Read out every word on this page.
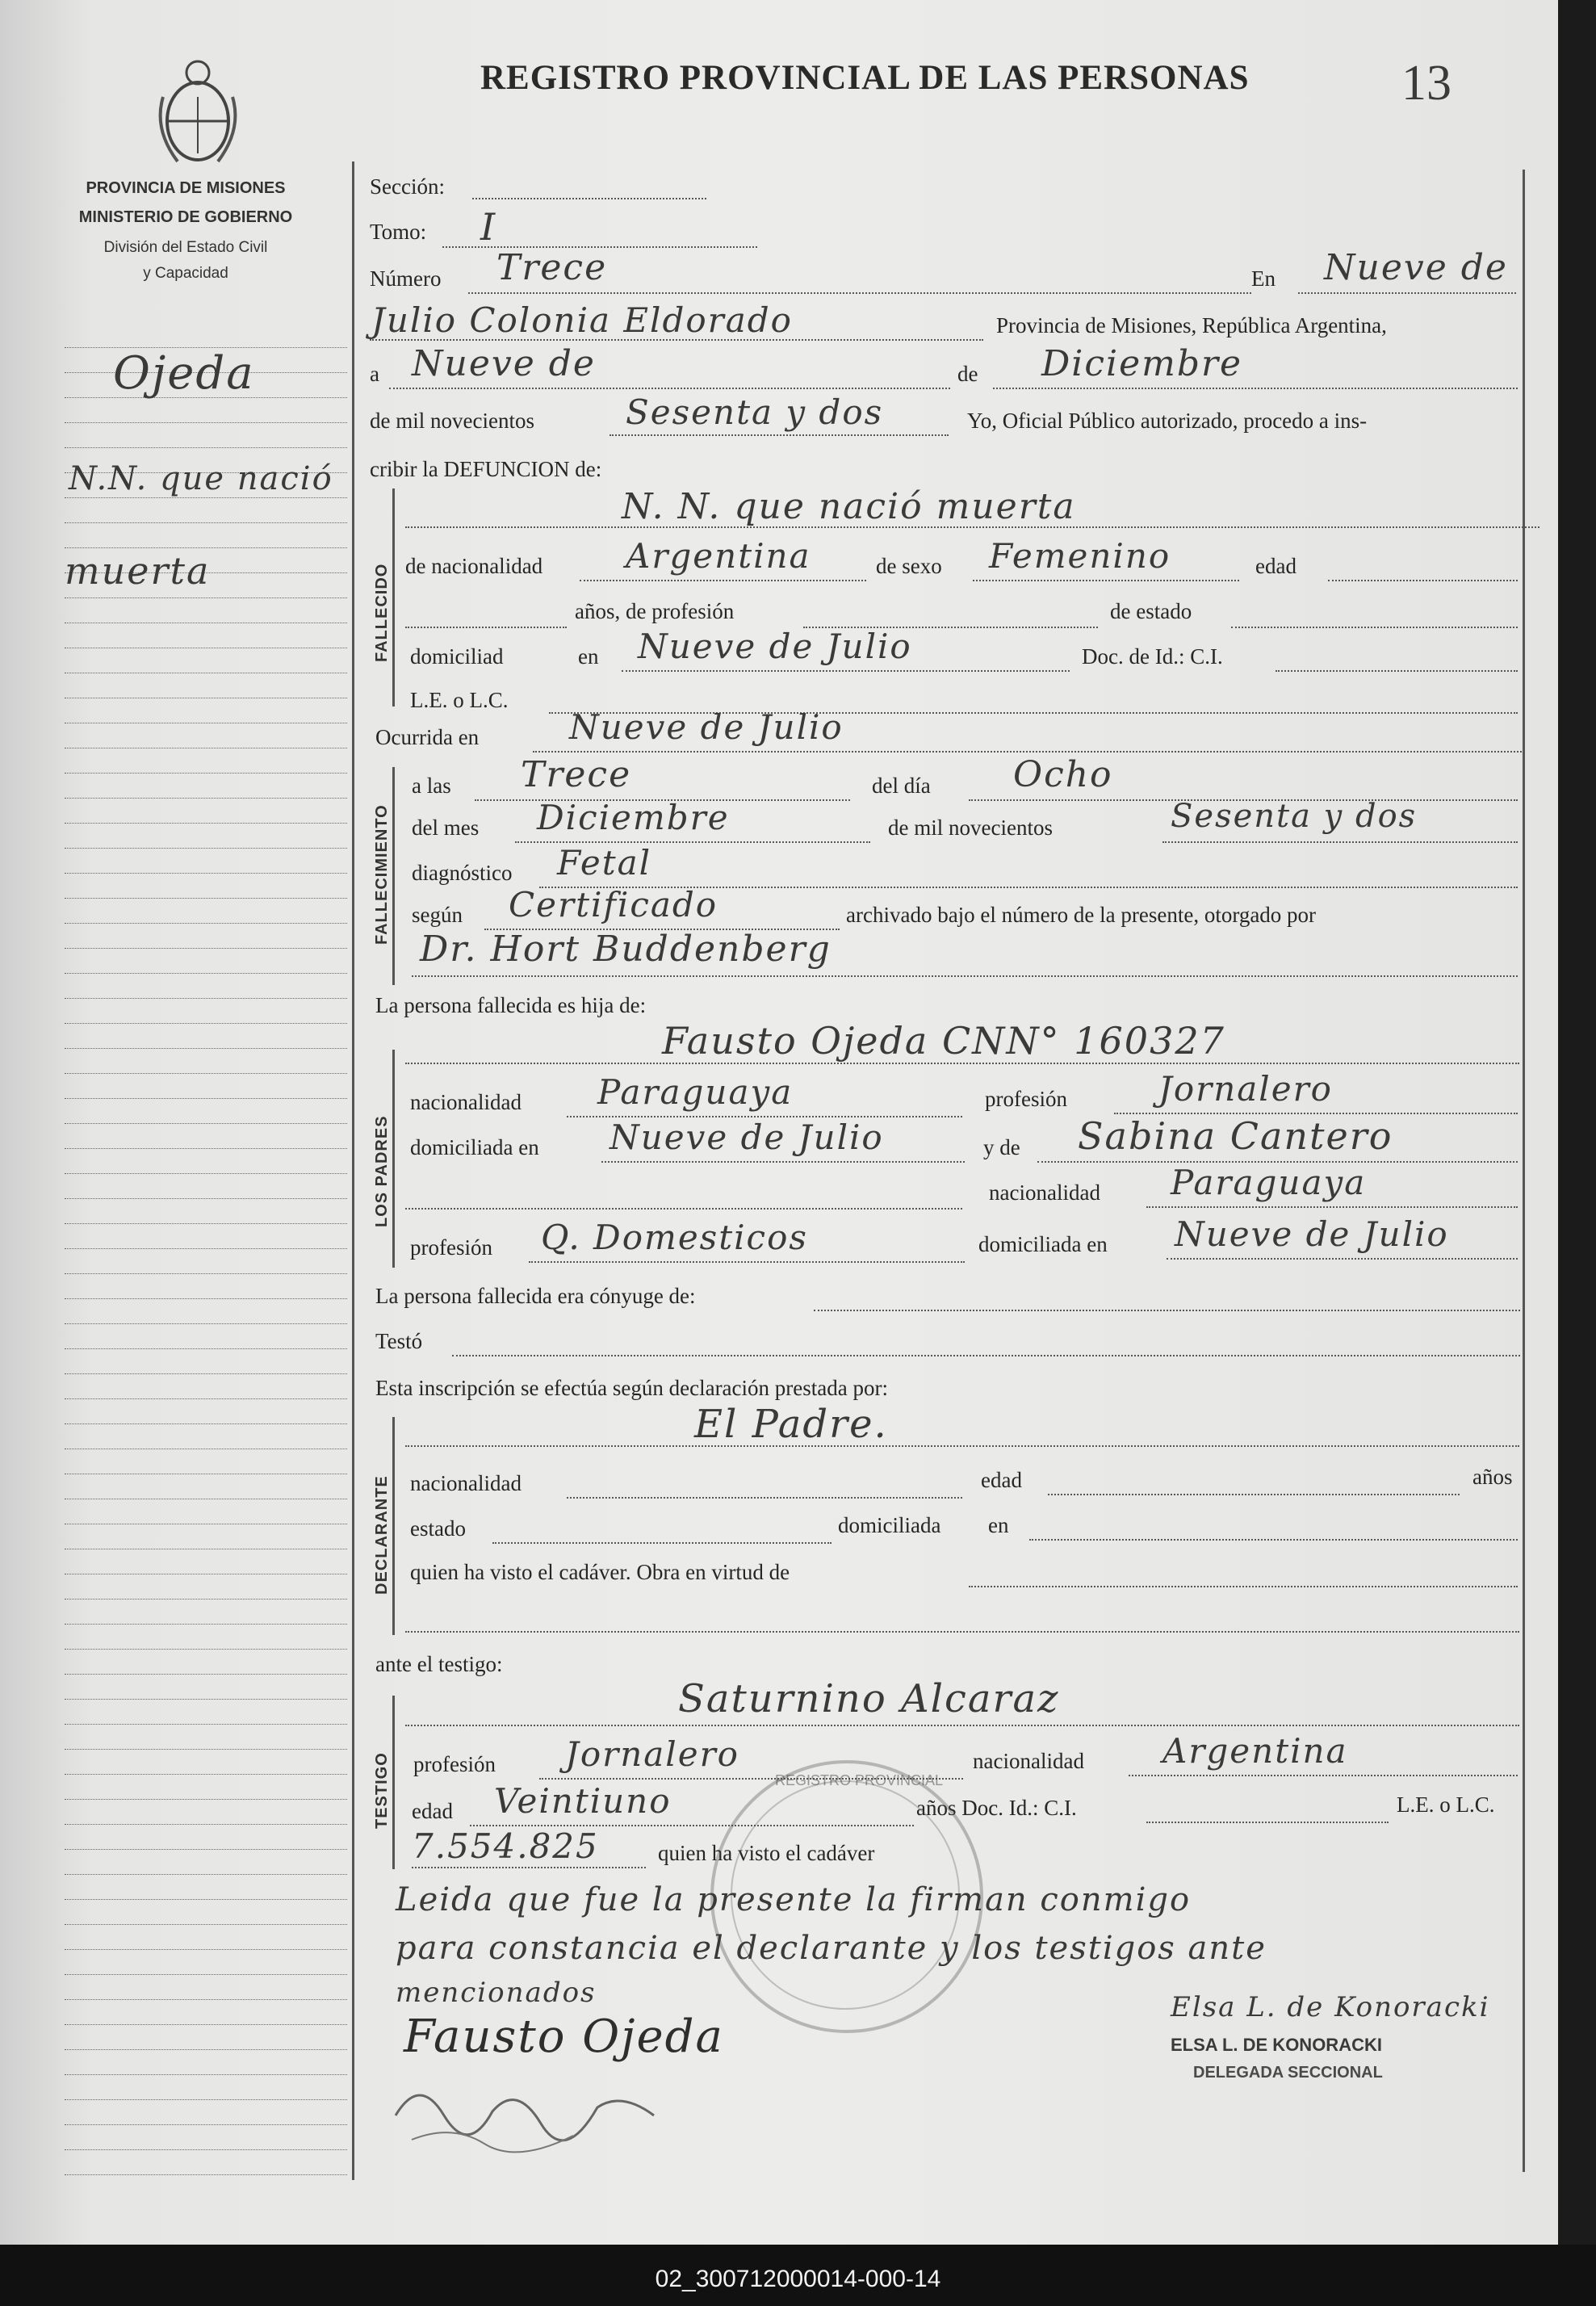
REGISTRO PROVINCIAL DE LAS PERSONAS	13
PROVINCIA DE MISIONES
MINISTERIO DE GOBIERNO
División del Estado Civil
y Capacidad
Ojeda
N.N. que nació
muerta	FALLECIDO
FALLECIMIENTO
LOS PADRES
DECLARANTE
TESTIGO
Sección:
Tomo: I
Número Trece	En Nueve de
Julio Colonia Eldorado	Provincia de Misiones, República Argentina,
a Nueve de	de Diciembre
de mil novecientos	Sesenta y dos	Yo, Oficial Público autorizado, procedo a ins-
cribir la DEFUNCION de:
N. N. que nació muerta
de nacionalidad Argentina	de sexo Femenino	edad
años, de profesión	de estado
domiciliad	en Nueve de Julio	Doc. de Id.: C.I.
L.E. o L.C.
Ocurrida en	Nueve de Julio
a las Trece	del día Ocho
del mes Diciembre	de mil novecientos	Sesenta y dos
diagnóstico Fetal
según Certificado	archivado bajo el número de la presente, otorgado por
Dr. Hort Buddenberg
La persona fallecida es hija de:
Fausto Ojeda CNN° 160327
nacionalidad Paraguaya	profesión	Jornalero
domiciliada en Nueve de Julio	y de Sabina Cantero
nacionalidad Paraguaya
profesión Q. Domesticos	domiciliada en Nueve de Julio
La persona fallecida era cónyuge de:
Testó
Esta inscripción se efectúa según declaración prestada por:
El Padre.
nacionalidad	edad	años
estado	domiciliada en
quien ha visto el cadáver. Obra en virtud de
ante el testigo:
Saturnino Alcaraz
profesión Jornalero	nacionalidad Argentina
edad Veintiuno	años Doc. Id.: C.I.	L.E. o L.C.
7.554.825	quien ha visto el cadáver
REGISTRO PROVINCIAL
Leida que fue la presente la firman conmigo
para constancia el declarante y los testigos ante
mencionados
Fausto Ojeda
Elsa L. de Konoracki
ELSA L. DE KONORACKI
DELEGADA SECCIONAL
02_300712000014-000-14
